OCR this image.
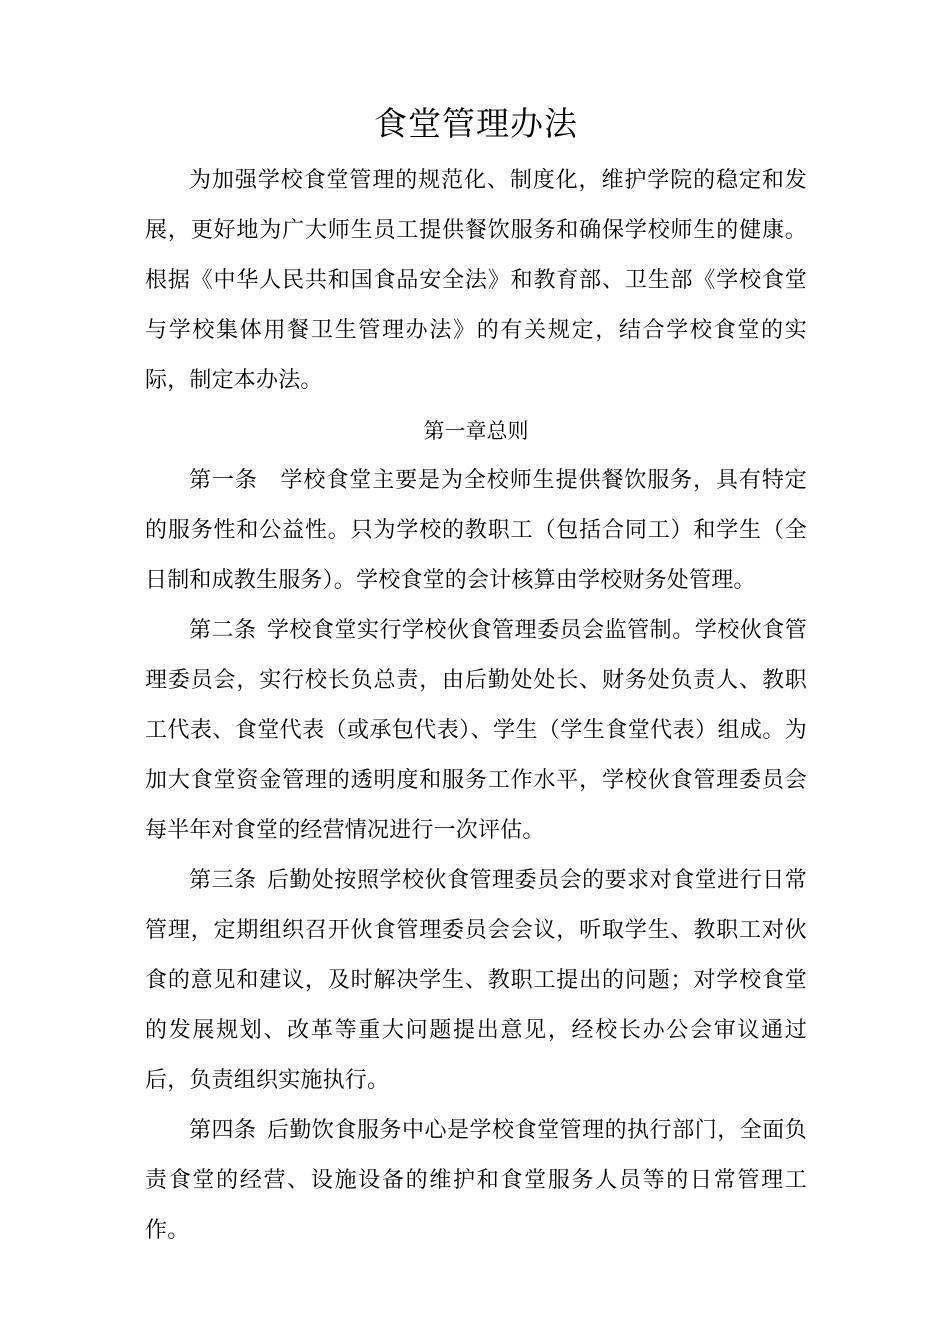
食堂管理办法

为加强学校食堂管理的规范化、制度化，维护学院的稳定和发展，更好地为广大师生员工提供餐饮服务和确保学校师生的健康。根据《中华人民共和国食品安全法》和教育部、卫生部《学校食堂与学校集体用餐卫生管理办法》的有关规定，结合学校食堂的实际，制定本办法。

第一章总则

第一条 学校食堂主要是为全校师生提供餐饮服务，具有特定的服务性和公益性。只为学校的教职工（包括合同工）和学生（全日制和成教生服务）。学校食堂的会计核算由学校财务处管理。

第二条 学校食堂实行学校伙食管理委员会监管制。学校伙食管理委员会，实行校长负总责，由后勤处处长、财务处负责人、教职工代表、食堂代表（或承包代表）、学生（学生食堂代表）组成。为加大食堂资金管理的透明度和服务工作水平，学校伙食管理委员会每半年对食堂的经营情况进行一次评估。

第三条 后勤处按照学校伙食管理委员会的要求对食堂进行日常管理，定期组织召开伙食管理委员会会议，听取学生、教职工对伙食的意见和建议，及时解决学生、教职工提出的问题；对学校食堂的发展规划、改革等重大问题提出意见，经校长办公会审议通过后，负责组织实施执行。

第四条 后勤饮食服务中心是学校食堂管理的执行部门，全面负责食堂的经营、设施设备的维护和食堂服务人员等的日常管理工作。
